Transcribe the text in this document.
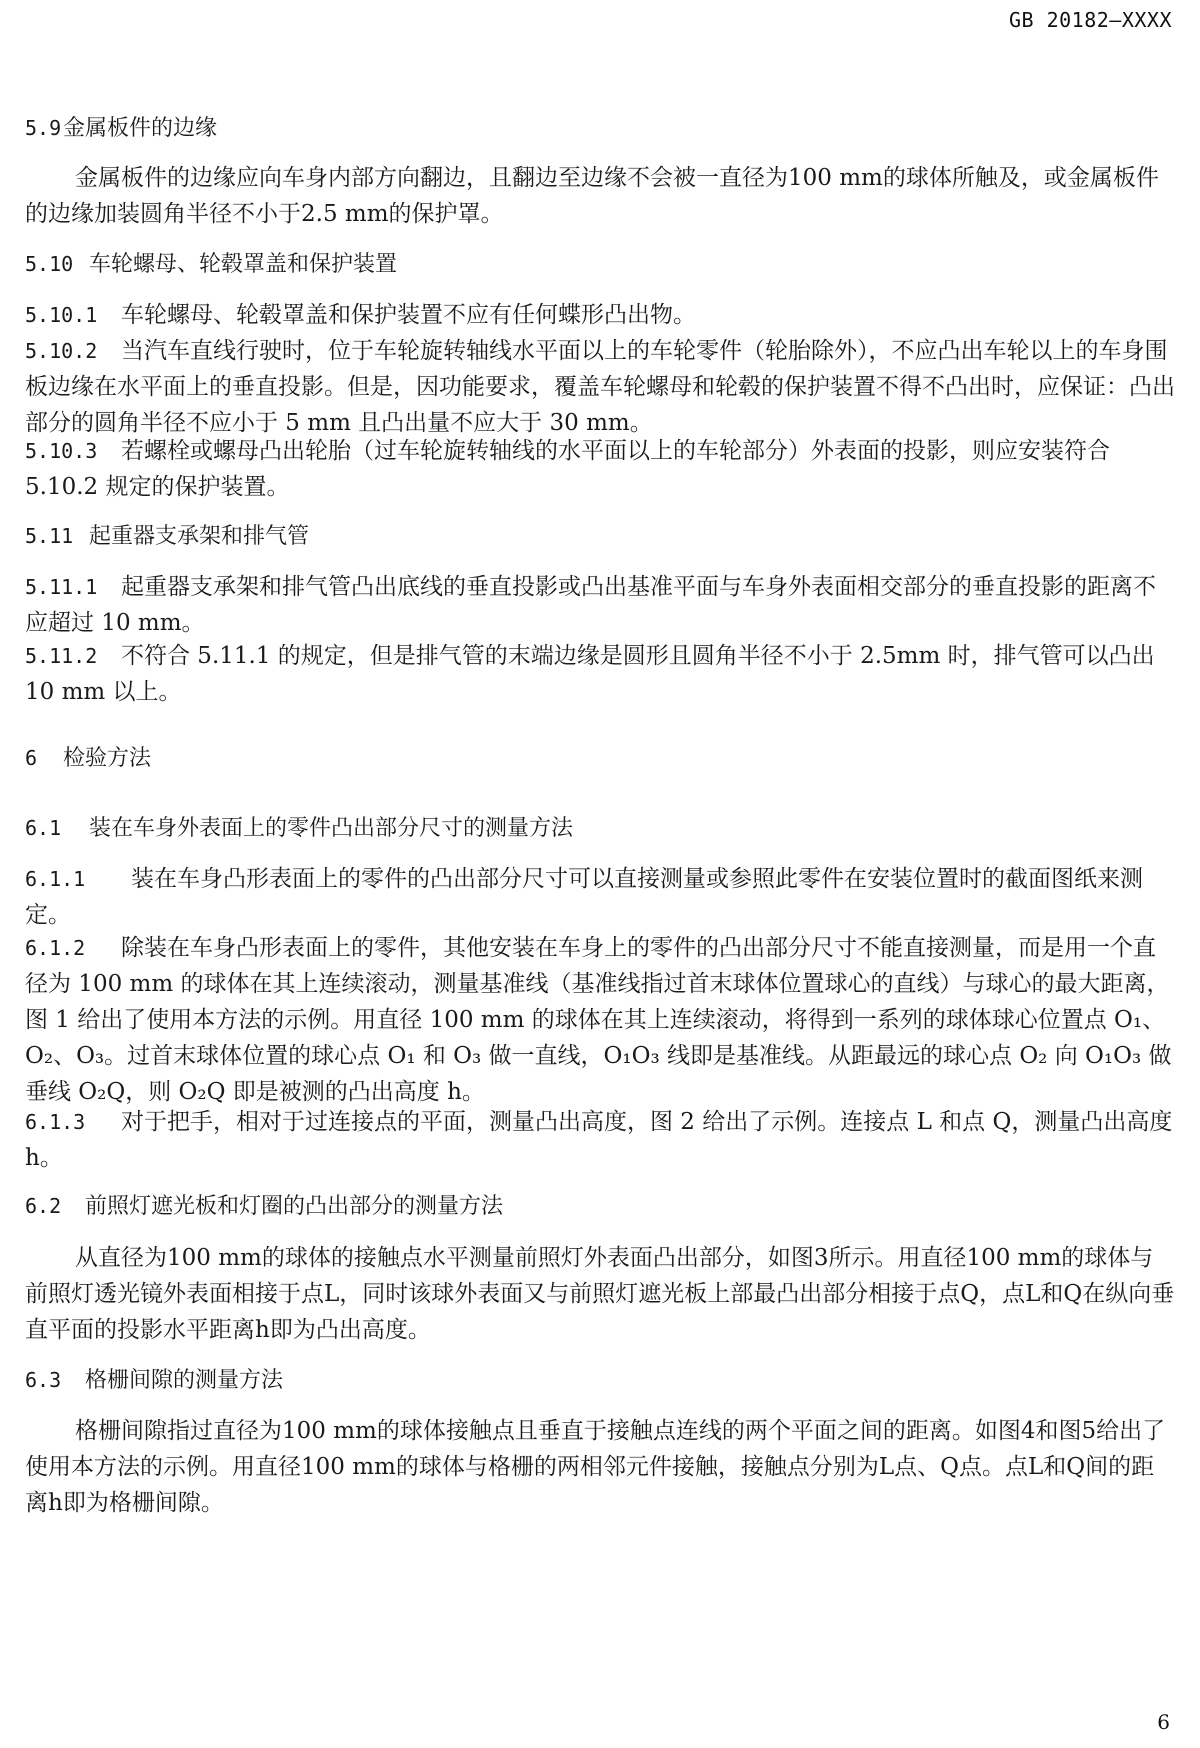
GB 20182—XXXX
5.9金属板件的边缘
金属板件的边缘应向车身内部方向翻边，且翻边至边缘不会被一直径为100 mm的球体所触及，或金属板件的边缘加装圆角半径不小于2.5 mm的保护罩。
5.10 车轮螺母、轮毂罩盖和保护装置
5.10.1 车轮螺母、轮毂罩盖和保护装置不应有任何蝶形凸出物。
5.10.2 当汽车直线行驶时，位于车轮旋转轴线水平面以上的车轮零件（轮胎除外），不应凸出车轮以上的车身围板边缘在水平面上的垂直投影。但是，因功能要求，覆盖车轮螺母和轮毂的保护装置不得不凸出时，应保证：凸出部分的圆角半径不应小于 5 mm 且凸出量不应大于 30 mm。
5.10.3 若螺栓或螺母凸出轮胎（过车轮旋转轴线的水平面以上的车轮部分）外表面的投影，则应安装符合 5.10.2 规定的保护装置。
5.11 起重器支承架和排气管
5.11.1 起重器支承架和排气管凸出底线的垂直投影或凸出基准平面与车身外表面相交部分的垂直投影的距离不应超过 10 mm。
5.11.2 不符合 5.11.1 的规定，但是排气管的末端边缘是圆形且圆角半径不小于 2.5mm 时，排气管可以凸出 10 mm 以上。
6 检验方法
6.1 装在车身外表面上的零件凸出部分尺寸的测量方法
6.1.1 装在车身凸形表面上的零件的凸出部分尺寸可以直接测量或参照此零件在安装位置时的截面图纸来测定。
6.1.2 除装在车身凸形表面上的零件，其他安装在车身上的零件的凸出部分尺寸不能直接测量，而是用一个直径为 100 mm 的球体在其上连续滚动，测量基准线（基准线指过首末球体位置球心的直线）与球心的最大距离，图 1 给出了使用本方法的示例。用直径 100 mm 的球体在其上连续滚动，将得到一系列的球体球心位置点 O₁、O₂、O₃。过首末球体位置的球心点 O₁ 和 O₃ 做一直线，O₁O₃ 线即是基准线。从距最远的球心点 O₂ 向 O₁O₃ 做垂线 O₂Q，则 O₂Q 即是被测的凸出高度 h。
6.1.3 对于把手，相对于过连接点的平面，测量凸出高度，图 2 给出了示例。连接点 L 和点 Q，测量凸出高度 h。
6.2 前照灯遮光板和灯圈的凸出部分的测量方法
从直径为100 mm的球体的接触点水平测量前照灯外表面凸出部分，如图3所示。用直径100 mm的球体与前照灯透光镜外表面相接于点L，同时该球外表面又与前照灯遮光板上部最凸出部分相接于点Q，点L和Q在纵向垂直平面的投影水平距离h即为凸出高度。
6.3 格栅间隙的测量方法
格栅间隙指过直径为100 mm的球体接触点且垂直于接触点连线的两个平面之间的距离。如图4和图5给出了使用本方法的示例。用直径100 mm的球体与格栅的两相邻元件接触，接触点分别为L点、Q点。点L和Q间的距离h即为格栅间隙。
6
